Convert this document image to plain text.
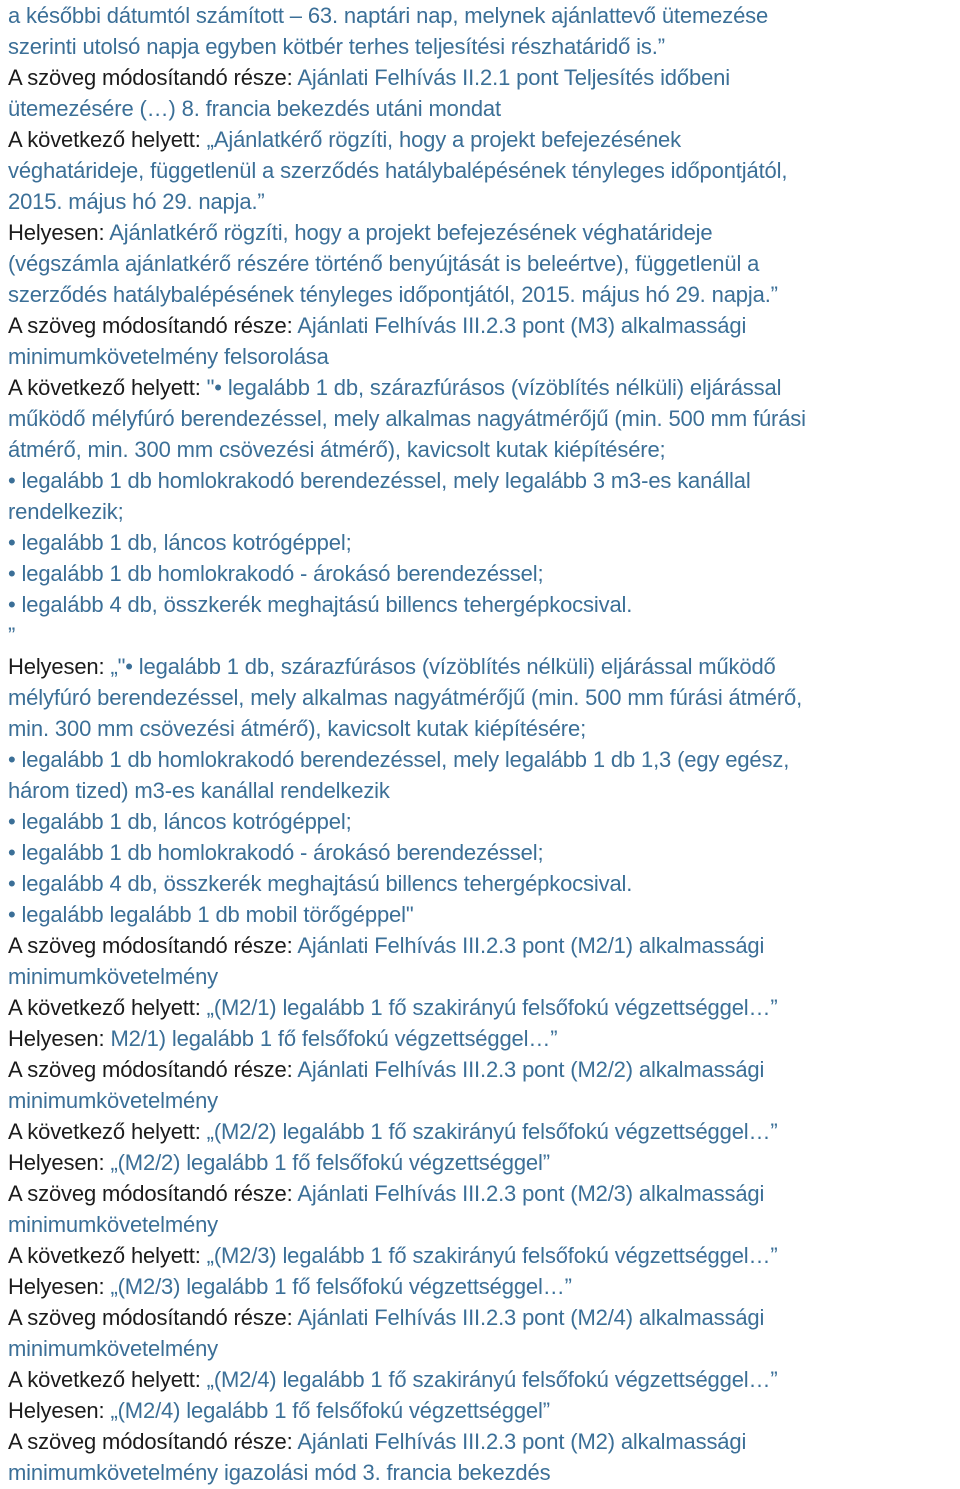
a későbbi dátumtól számított – 63. naptári nap, melynek ajánlattevő ütemezése
szerinti utolsó napja egyben kötbér terhes teljesítési részhatáridő is.”
A szöveg módosítandó része: Ajánlati Felhívás II.2.1 pont Teljesítés időbeni
ütemezésére (…) 8. francia bekezdés utáni mondat
A következő helyett: „Ajánlatkérő rögzíti, hogy a projekt befejezésének
véghatárideje, függetlenül a szerződés hatálybalépésének tényleges időpontjától,
2015. május hó 29. napja.”
Helyesen: Ajánlatkérő rögzíti, hogy a projekt befejezésének véghatárideje
(végszámla ajánlatkérő részére történő benyújtását is beleértve), függetlenül a
szerződés hatálybalépésének tényleges időpontjától, 2015. május hó 29. napja.”
A szöveg módosítandó része: Ajánlati Felhívás III.2.3 pont (M3) alkalmassági
minimumkövetelmény felsorolása
A következő helyett: "• legalább 1 db, szárazfúrásos (vízöblítés nélküli) eljárással
működő mélyfúró berendezéssel, mely alkalmas nagyátmérőjű (min. 500 mm fúrási
átmérő, min. 300 mm csövezési átmérő), kavicsolt kutak kiépítésére;
• legalább 1 db homlokrakodó berendezéssel, mely legalább 3 m3-es kanállal
rendelkezik;
• legalább 1 db, láncos kotrógéppel;
• legalább 1 db homlokrakodó - árokásó berendezéssel;
• legalább 4 db, összkerék meghajtású billencs tehergépkocsival.
”
Helyesen: „"• legalább 1 db, szárazfúrásos (vízöblítés nélküli) eljárással működő
mélyfúró berendezéssel, mely alkalmas nagyátmérőjű (min. 500 mm fúrási átmérő,
min. 300 mm csövezési átmérő), kavicsolt kutak kiépítésére;
• legalább 1 db homlokrakodó berendezéssel, mely legalább 1 db 1,3 (egy egész,
három tized) m3-es kanállal rendelkezik
• legalább 1 db, láncos kotrógéppel;
• legalább 1 db homlokrakodó - árokásó berendezéssel;
• legalább 4 db, összkerék meghajtású billencs tehergépkocsival.
• legalább legalább 1 db mobil törőgéppel"
A szöveg módosítandó része: Ajánlati Felhívás III.2.3 pont (M2/1) alkalmassági
minimumkövetelmény
A következő helyett: „(M2/1) legalább 1 fő szakirányú felsőfokú végzettséggel…”
Helyesen: M2/1) legalább 1 fő felsőfokú végzettséggel…”
A szöveg módosítandó része: Ajánlati Felhívás III.2.3 pont (M2/2) alkalmassági
minimumkövetelmény
A következő helyett: „(M2/2) legalább 1 fő szakirányú felsőfokú végzettséggel…”
Helyesen: „(M2/2) legalább 1 fő felsőfokú végzettséggel”
A szöveg módosítandó része: Ajánlati Felhívás III.2.3 pont (M2/3) alkalmassági
minimumkövetelmény
A következő helyett: „(M2/3) legalább 1 fő szakirányú felsőfokú végzettséggel…”
Helyesen: „(M2/3) legalább 1 fő felsőfokú végzettséggel…”
A szöveg módosítandó része: Ajánlati Felhívás III.2.3 pont (M2/4) alkalmassági
minimumkövetelmény
A következő helyett: „(M2/4) legalább 1 fő szakirányú felsőfokú végzettséggel…”
Helyesen: „(M2/4) legalább 1 fő felsőfokú végzettséggel”
A szöveg módosítandó része: Ajánlati Felhívás III.2.3 pont (M2) alkalmassági
minimumkövetelmény igazolási mód 3. francia bekezdés
